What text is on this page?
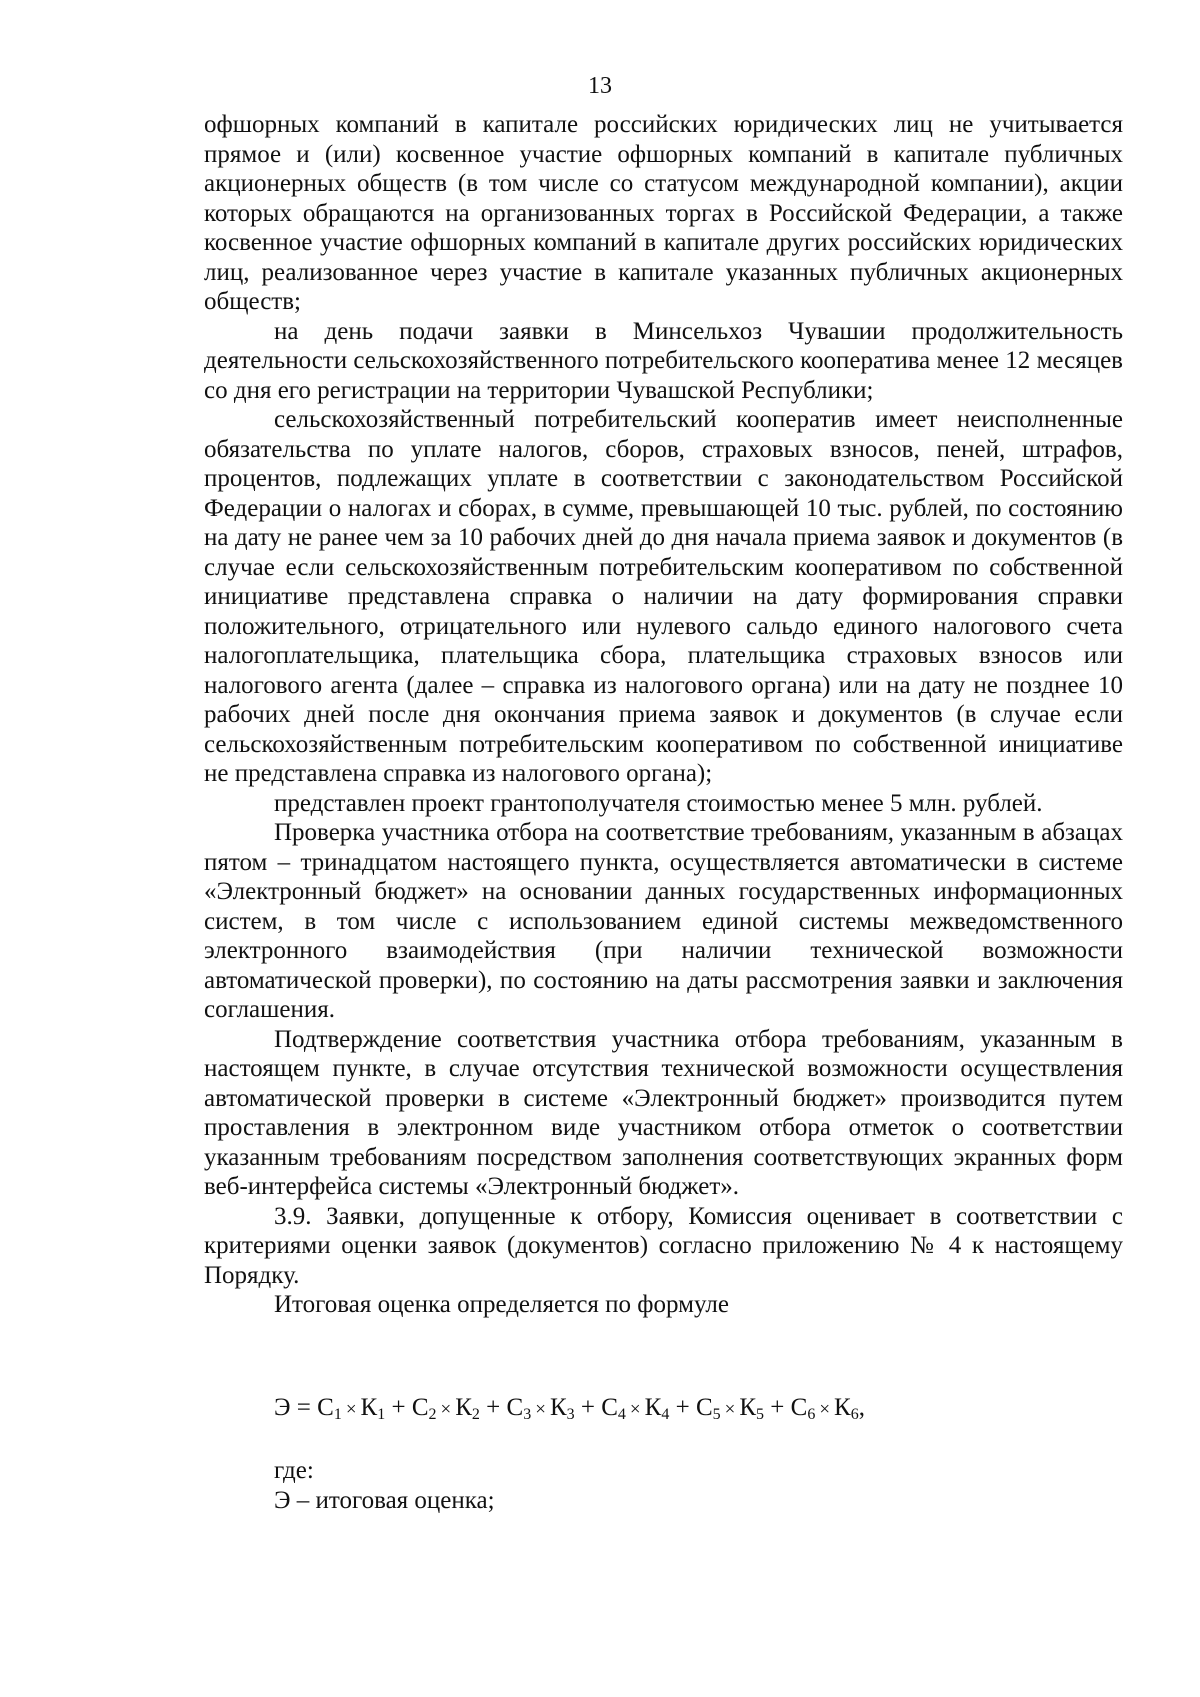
13

офшорных компаний в капитале российских юридических лиц не учитывается прямое и (или) косвенное участие офшорных компаний в капитале публичных акционерных обществ (в том числе со статусом международной компании), акции которых обращаются на организованных торгах в Российской Федерации, а также косвенное участие офшорных компаний в капитале других российских юридических лиц, реализованное через участие в капитале указанных публичных акционерных обществ;

на день подачи заявки в Минсельхоз Чувашии продолжительность деятельности сельскохозяйственного потребительского кооператива менее 12 месяцев со дня его регистрации на территории Чувашской Республики;

сельскохозяйственный потребительский кооператив имеет неисполненные обязательства по уплате налогов, сборов, страховых взносов, пеней, штрафов, процентов, подлежащих уплате в соответствии с законодательством Российской Федерации о налогах и сборах, в сумме, превышающей 10 тыс. рублей, по состоянию на дату не ранее чем за 10 рабочих дней до дня начала приема заявок и документов (в случае если сельскохозяйственным потребительским кооперативом по собственной инициативе представлена справка о наличии на дату формирования справки положительного, отрицательного или нулевого сальдо единого налогового счета налогоплательщика, плательщика сбора, плательщика страховых взносов или налогового агента (далее – справка из налогового органа) или на дату не позднее 10 рабочих дней после дня окончания приема заявок и документов (в случае если сельскохозяйственным потребительским кооперативом по собственной инициативе не представлена справка из налогового органа);

представлен проект грантополучателя стоимостью менее 5 млн. рублей.

Проверка участника отбора на соответствие требованиям, указанным в абзацах пятом – тринадцатом настоящего пункта, осуществляется автоматически в системе «Электронный бюджет» на основании данных государственных информационных систем, в том числе с использованием единой системы межведомственного электронного взаимодействия (при наличии технической возможности автоматической проверки), по состоянию на даты рассмотрения заявки и заключения соглашения.

Подтверждение соответствия участника отбора требованиям, указанным в настоящем пункте, в случае отсутствия технической возможности осуществления автоматической проверки в системе «Электронный бюджет» производится путем проставления в электронном виде участником отбора отметок о соответствии указанным требованиям посредством заполнения соответствующих экранных форм веб-интерфейса системы «Электронный бюджет».

3.9. Заявки, допущенные к отбору, Комиссия оценивает в соответствии с критериями оценки заявок (документов) согласно приложению № 4 к настоящему Порядку.

Итоговая оценка определяется по формуле

$Э = С_1 \times К_1 + С_2 \times К_2 + С_3 \times К_3 + С_4 \times К_4 + С_5 \times К_5 + С_6 \times К_6$,

где:

Э – итоговая оценка;
